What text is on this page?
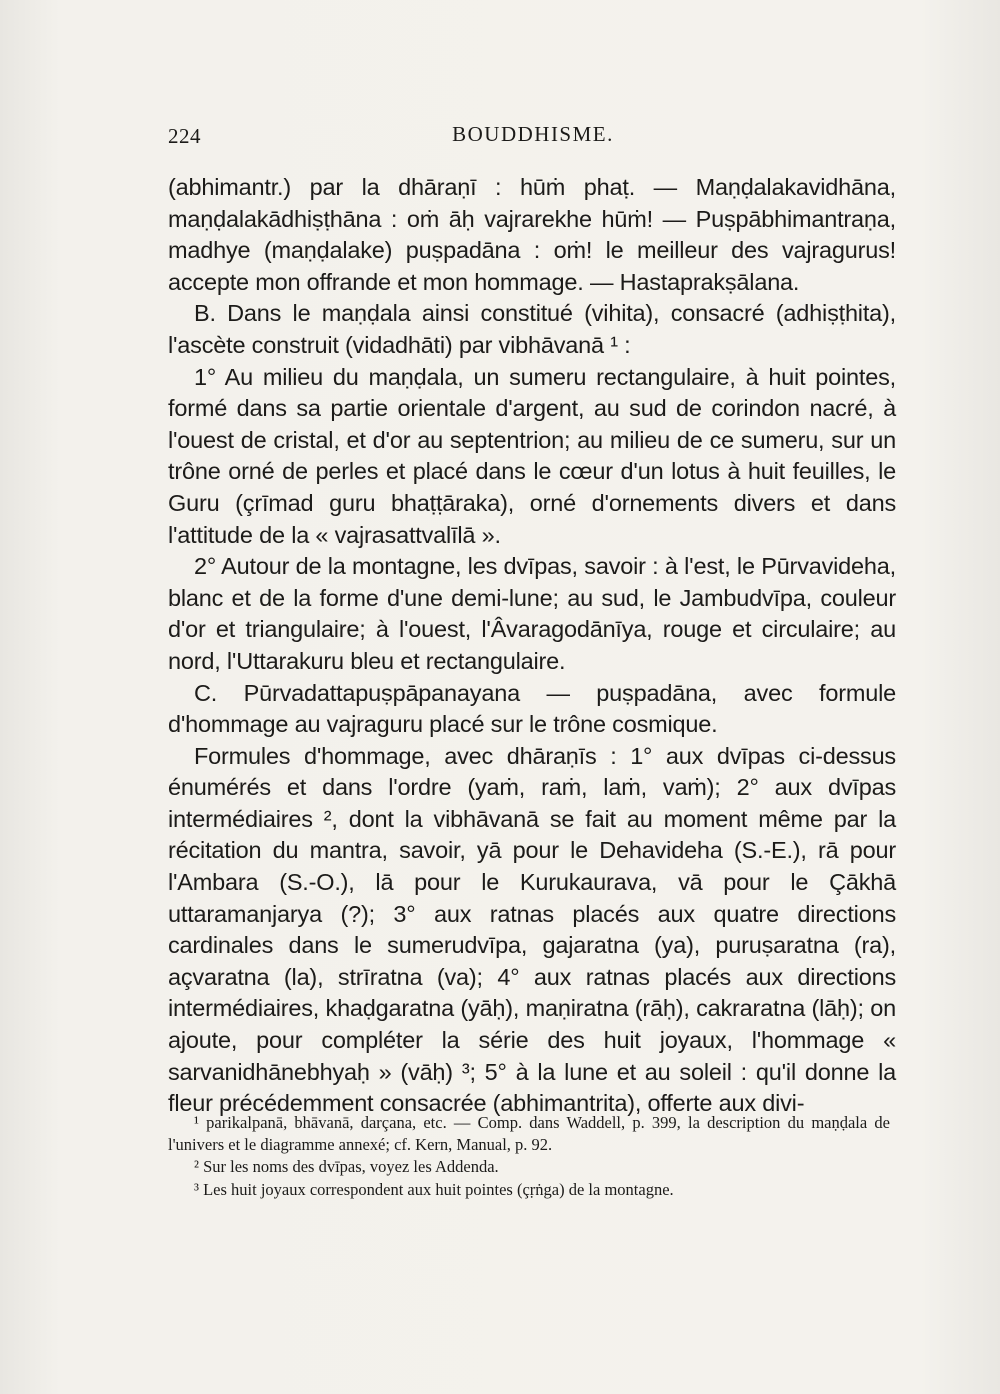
224	BOUDDHISME.

(abhimantr.) par la dhāraṇī : hūṁ phaṭ. — Maṇḍalakavidhāna, maṇḍalakādhiṣṭhāna : oṁ āḥ vajrarekhe hūṁ! — Puṣpābhimantraṇa, madhye (maṇḍalake) puṣpadāna : oṁ! le meilleur des vajragurus! accepte mon offrande et mon hommage. — Hastaprakṣālana.

B. Dans le maṇḍala ainsi constitué (vihita), consacré (adhiṣṭhita), l'ascète construit (vidadhāti) par vibhāvanā ¹ :

1° Au milieu du maṇḍala, un sumeru rectangulaire, à huit pointes, formé dans sa partie orientale d'argent, au sud de corindon nacré, à l'ouest de cristal, et d'or au septentrion; au milieu de ce sumeru, sur un trône orné de perles et placé dans le cœur d'un lotus à huit feuilles, le Guru (çrīmad guru bhaṭṭāraka), orné d'ornements divers et dans l'attitude de la « vajrasattvalīlā ».

2° Autour de la montagne, les dvīpas, savoir : à l'est, le Pūrvavideha, blanc et de la forme d'une demi-lune; au sud, le Jambudvīpa, couleur d'or et triangulaire; à l'ouest, l'Âvaragodānīya, rouge et circulaire; au nord, l'Uttarakuru bleu et rectangulaire.

C. Pūrvadattapuṣpāpanayana — puṣpadāna, avec formule d'hommage au vajraguru placé sur le trône cosmique.

Formules d'hommage, avec dhāraṇīs : 1° aux dvīpas ci-dessus énumérés et dans l'ordre (yaṁ, raṁ, laṁ, vaṁ); 2° aux dvīpas intermédiaires ², dont la vibhāvanā se fait au moment même par la récitation du mantra, savoir, yā pour le Dehavideha (S.-E.), rā pour l'Ambara (S.-O.), lā pour le Kurukaurava, vā pour le Çākhā uttaramanjarya (?); 3° aux ratnas placés aux quatre directions cardinales dans le sumerudvīpa, gajaratna (ya), puruṣaratna (ra), açvaratna (la), strīratna (va); 4° aux ratnas placés aux directions intermédiaires, khaḍgaratna (yāḥ), maṇiratna (rāḥ), cakraratna (lāḥ); on ajoute, pour compléter la série des huit joyaux, l'hommage « sarvanidhānebhyaḥ » (vāḥ) ³; 5° à la lune et au soleil : qu'il donne la fleur précédemment consacrée (abhimantrita), offerte aux divi-

¹ parikalpanā, bhāvanā, darçana, etc. — Comp. dans Waddell, p. 399, la description du maṇḍala de l'univers et le diagramme annexé; cf. Kern, Manual, p. 92.

² Sur les noms des dvīpas, voyez les Addenda.

³ Les huit joyaux correspondent aux huit pointes (çṛṅga) de la montagne.
